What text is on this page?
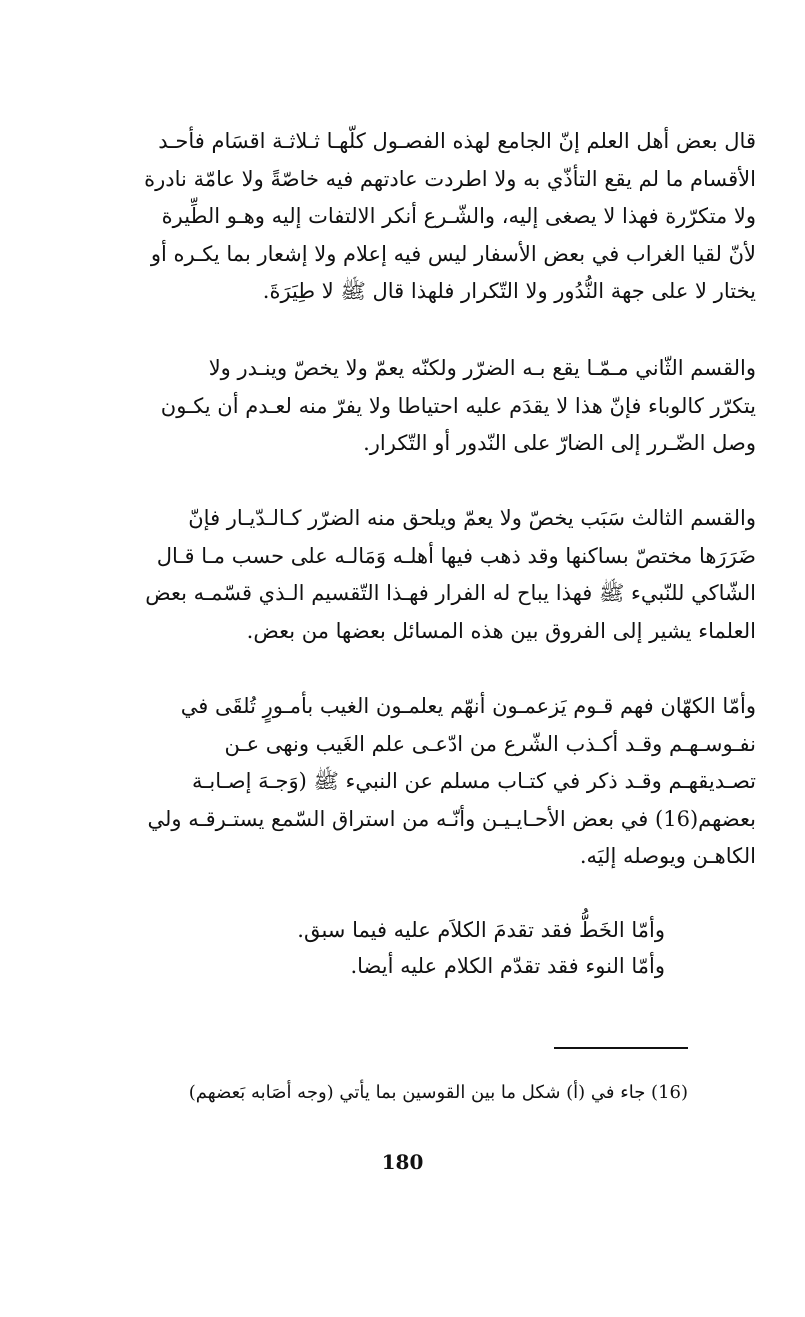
قال بعض أهل العلم إنّ الجامع لهذه الفصـول كلّهـا ثـلاثـة اقسَام فأحـد
الأقسام ما لم يقع التأذّي به ولا اطردت عادتهم فيه خاصّةً ولا عامّة نادرة
ولا متكرّرة فهذا لا يصغى إليه، والشّـرع أنكر الالتفات إليه وهـو الطِّيرة
لأنّ لقيا الغراب في بعض الأسفار ليس فيه إعلام ولا إشعار بما يكـره أو
يختار لا على جهة النُّدُور ولا التّكرار فلهذا قال ﷺ لا طِيَرَةَ.

والقسم الثّاني مـمّـا يقع بـه الضرّر ولكنّه يعمّ ولا يخصّ وينـدر ولا
يتكرّر كالوباء فإنّ هذا لا يقدَم عليه احتياطا ولا يفرّ منه لعـدم أن يكـون
وصل الضّـرر إلى الضارّ على النّدور أو التّكرار.

والقسم الثالث سَبَب يخصّ ولا يعمّ ويلحق منه الضرّر كـالـدّيـار فإنّ
ضَرَرَها مختصّ بساكنها وقد ذهب فيها أهلـه وَمَالـه على حسب مـا قـال
الشّاكي للنّبيء ﷺ فهذا يباح له الفرار فهـذا التّقسيم الـذي قسّمـه بعض
العلماء يشير إلى الفروق بين هذه المسائل بعضها من بعض.

وأمّا الكهّان فهم قـوم يَزعمـون أنهّم يعلمـون الغيب بأمـورٍ تُلقَى في
نفـوسـهـم وقـد أكـذب الشّرع من ادّعـى علم الغَيب ونهى عـن
تصـديقهـم وقـد ذكر في كتـاب مسلم عن النبيء ﷺ (وَجـهَ إصـابـة
بعضهم(16) في بعض الأحـايـيـن وأنّـه من استراق السّمع يستـرقـه ولي
الكاهـن ويوصله إليَه.

وأمّا الخَطُّ فقد تقدمَ الكلاَم عليه فيما سبق.
وأمّا النوء فقد تقدّم الكلام عليه أيضا.

(16) جاء في (أ) شكل ما بين القوسين بما يأتي (وجه أصَابه بَعضهم)

180
